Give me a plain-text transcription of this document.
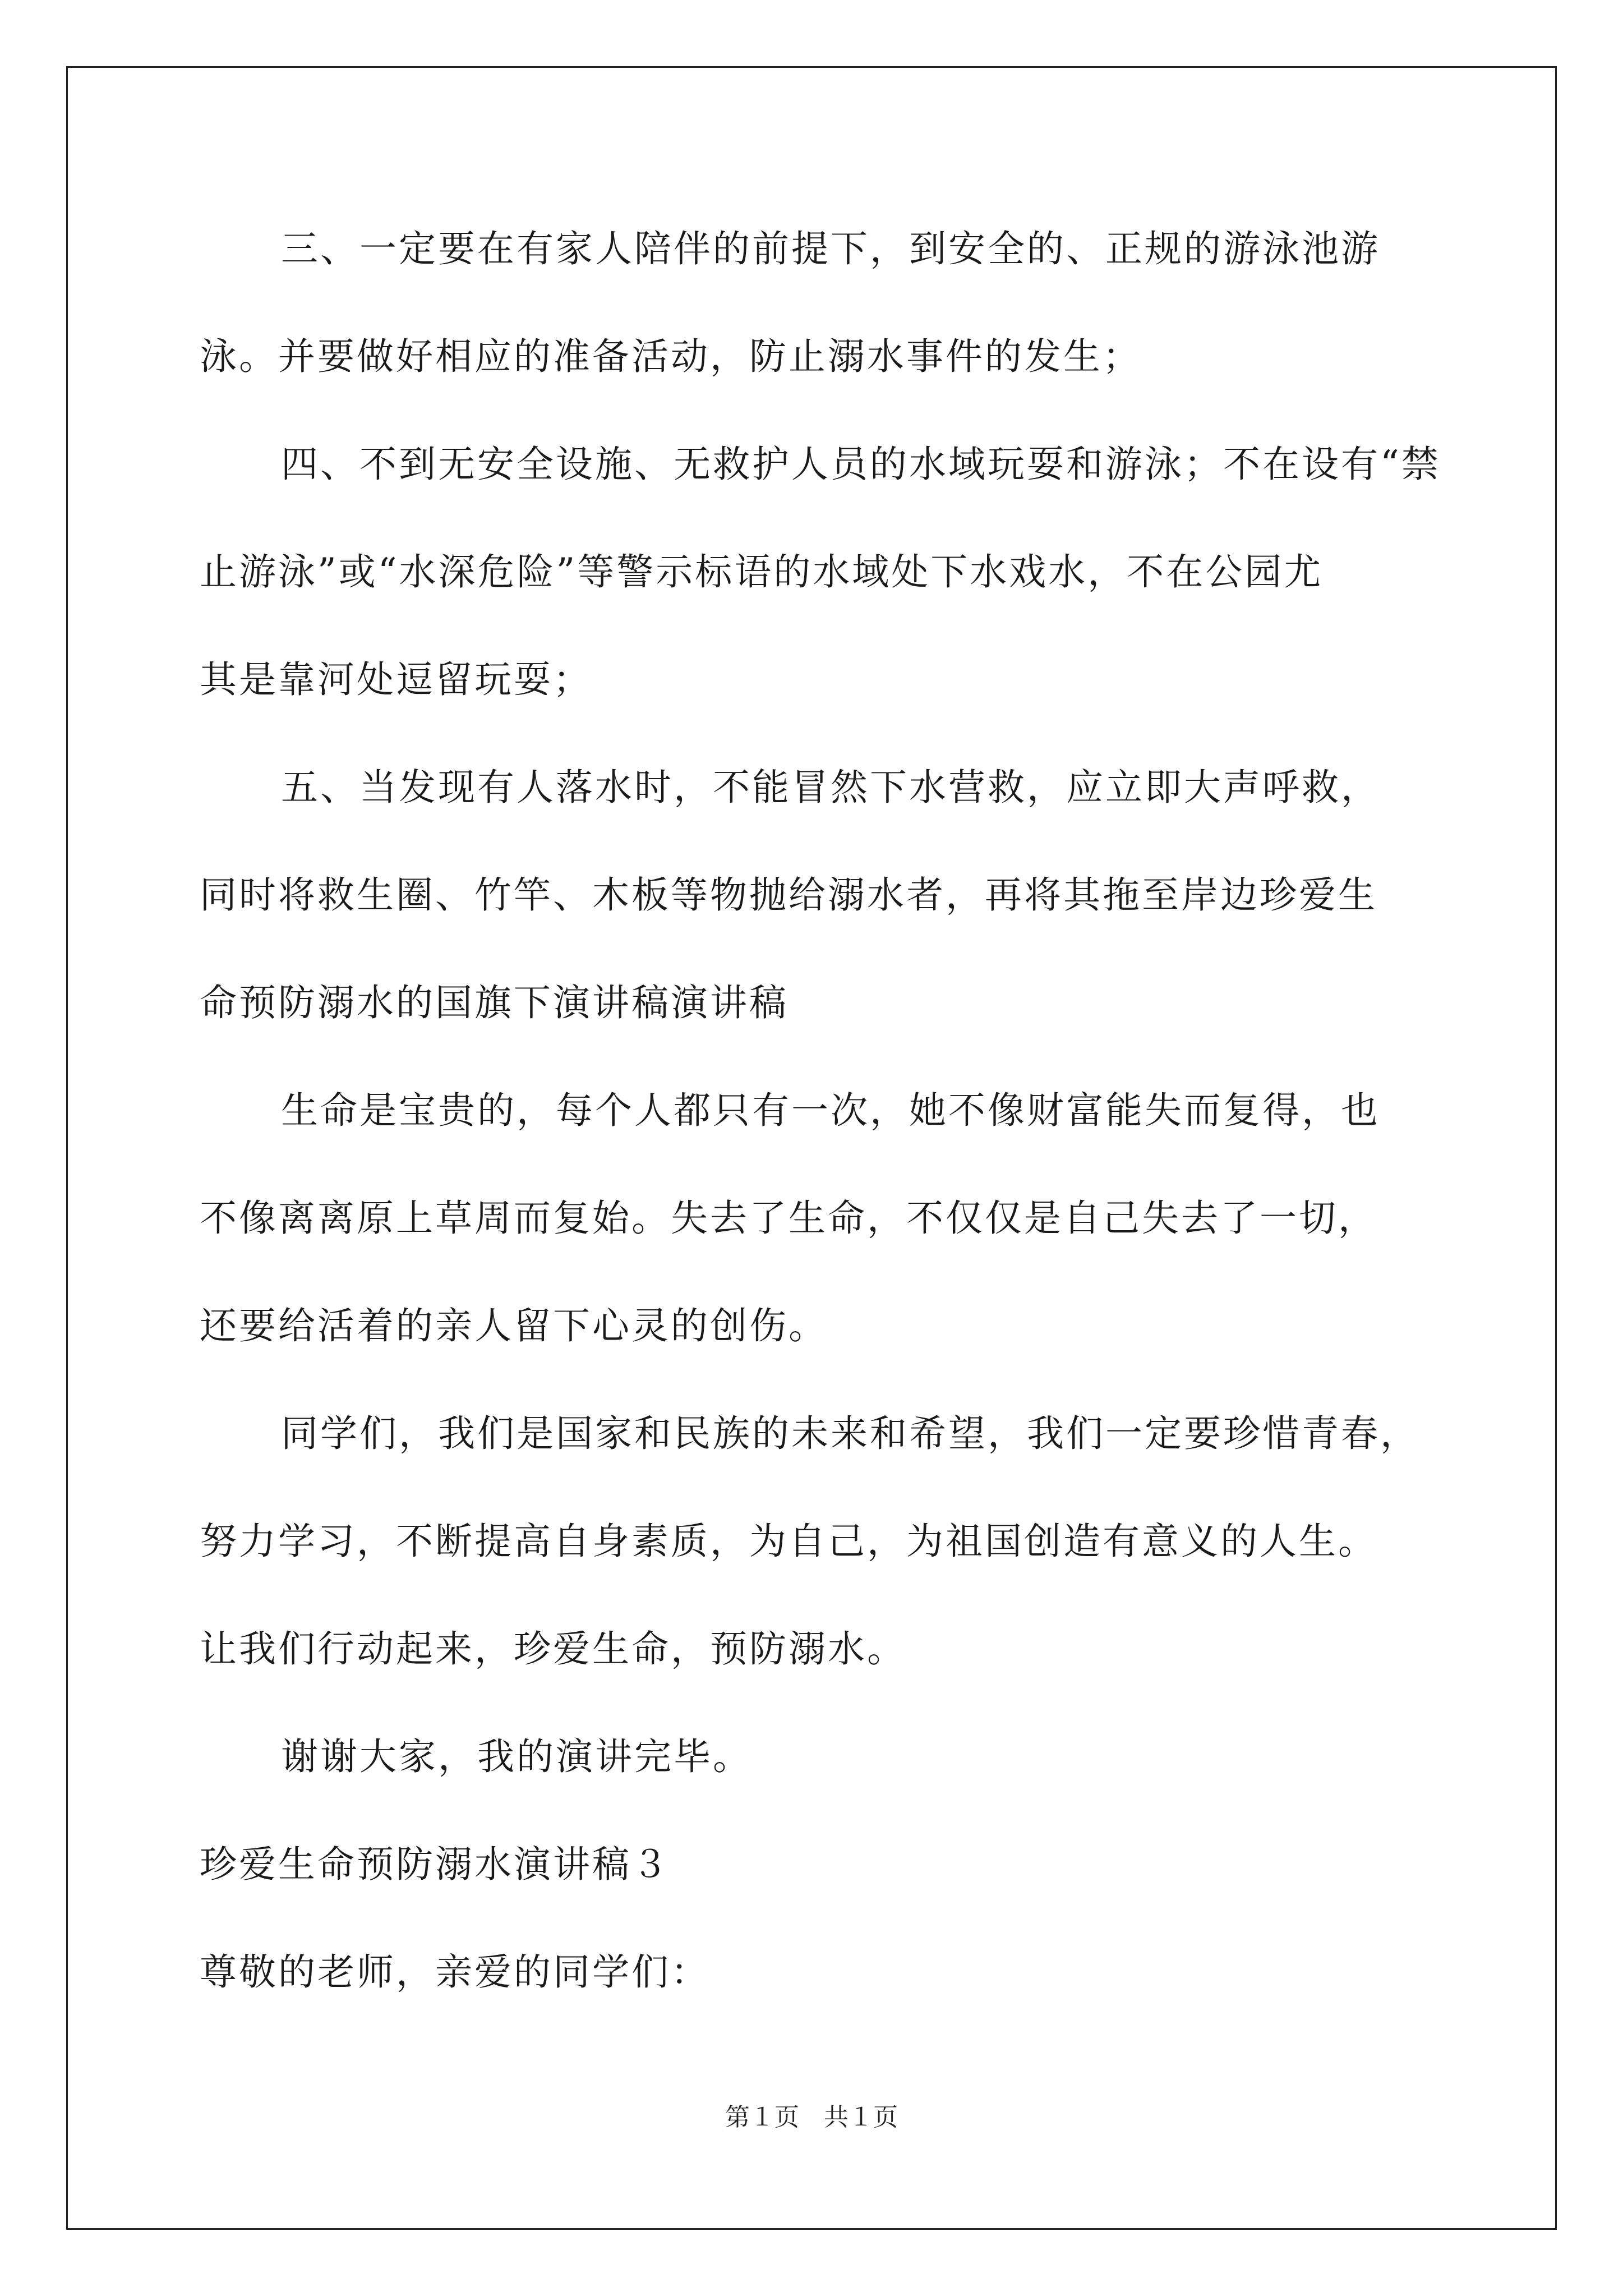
三、一定要在有家人陪伴的前提下，到安全的、正规的游泳池游
泳。并要做好相应的准备活动，防止溺水事件的发生；
四、不到无安全设施、无救护人员的水域玩耍和游泳；不在设有“禁
止游泳”或“水深危险”等警示标语的水域处下水戏水，不在公园尤
其是靠河处逗留玩耍；
五、当发现有人落水时，不能冒然下水营救，应立即大声呼救，
同时将救生圈、竹竿、木板等物抛给溺水者，再将其拖至岸边珍爱生
命预防溺水的国旗下演讲稿演讲稿
生命是宝贵的，每个人都只有一次，她不像财富能失而复得，也
不像离离原上草周而复始。失去了生命，不仅仅是自己失去了一切，
还要给活着的亲人留下心灵的创伤。
同学们，我们是国家和民族的未来和希望，我们一定要珍惜青春，
努力学习，不断提高自身素质，为自己，为祖国创造有意义的人生。
让我们行动起来，珍爱生命，预防溺水。
谢谢大家，我的演讲完毕。
珍爱生命预防溺水演讲稿３
尊敬的老师，亲爱的同学们：
第１页 共１页
